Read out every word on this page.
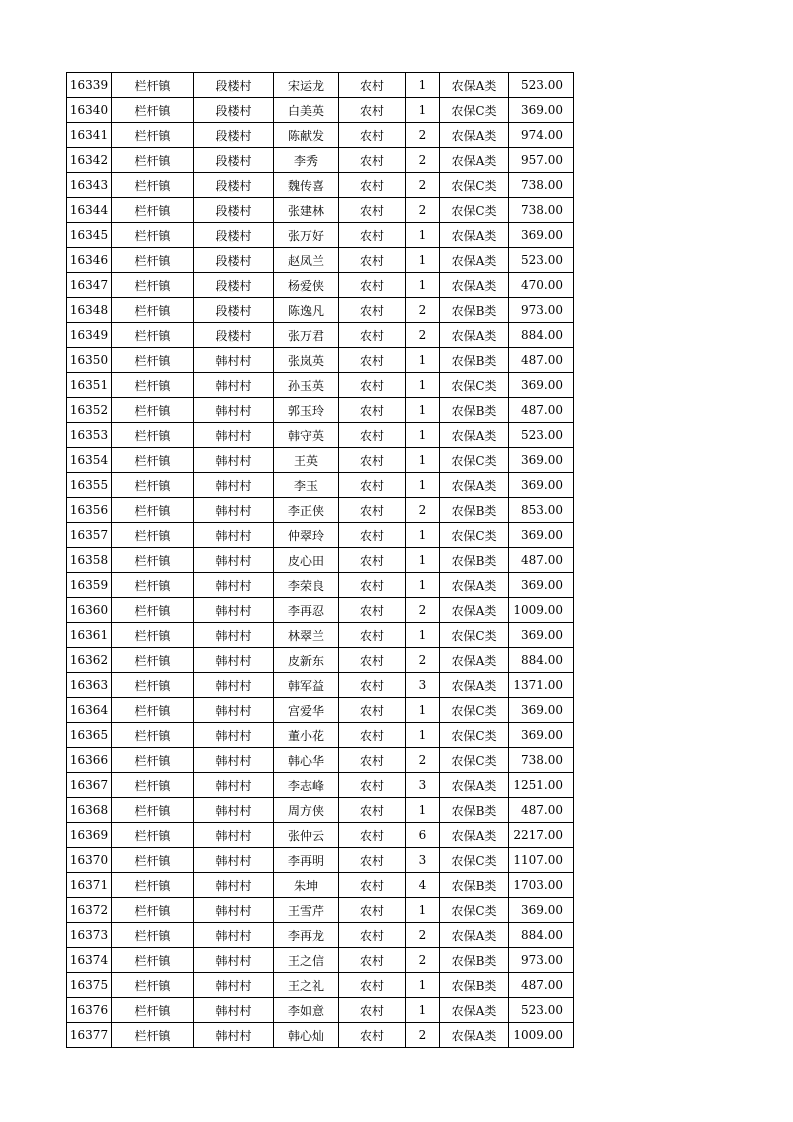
16339	栏杆镇	段楼村	宋运龙	农村	1	农保A类	523.00
16340	栏杆镇	段楼村	白美英	农村	1	农保C类	369.00
16341	栏杆镇	段楼村	陈献发	农村	2	农保A类	974.00
16342	栏杆镇	段楼村	李秀	农村	2	农保A类	957.00
16343	栏杆镇	段楼村	魏传喜	农村	2	农保C类	738.00
16344	栏杆镇	段楼村	张建林	农村	2	农保C类	738.00
16345	栏杆镇	段楼村	张万好	农村	1	农保A类	369.00
16346	栏杆镇	段楼村	赵凤兰	农村	1	农保A类	523.00
16347	栏杆镇	段楼村	杨爱侠	农村	1	农保A类	470.00
16348	栏杆镇	段楼村	陈逸凡	农村	2	农保B类	973.00
16349	栏杆镇	段楼村	张万君	农村	2	农保A类	884.00
16350	栏杆镇	韩村村	张岚英	农村	1	农保B类	487.00
16351	栏杆镇	韩村村	孙玉英	农村	1	农保C类	369.00
16352	栏杆镇	韩村村	郭玉玲	农村	1	农保B类	487.00
16353	栏杆镇	韩村村	韩守英	农村	1	农保A类	523.00
16354	栏杆镇	韩村村	王英	农村	1	农保C类	369.00
16355	栏杆镇	韩村村	李玉	农村	1	农保A类	369.00
16356	栏杆镇	韩村村	李正侠	农村	2	农保B类	853.00
16357	栏杆镇	韩村村	仲翠玲	农村	1	农保C类	369.00
16358	栏杆镇	韩村村	皮心田	农村	1	农保B类	487.00
16359	栏杆镇	韩村村	李荣良	农村	1	农保A类	369.00
16360	栏杆镇	韩村村	李再忍	农村	2	农保A类	1009.00
16361	栏杆镇	韩村村	林翠兰	农村	1	农保C类	369.00
16362	栏杆镇	韩村村	皮新东	农村	2	农保A类	884.00
16363	栏杆镇	韩村村	韩军益	农村	3	农保A类	1371.00
16364	栏杆镇	韩村村	宫爱华	农村	1	农保C类	369.00
16365	栏杆镇	韩村村	董小花	农村	1	农保C类	369.00
16366	栏杆镇	韩村村	韩心华	农村	2	农保C类	738.00
16367	栏杆镇	韩村村	李志峰	农村	3	农保A类	1251.00
16368	栏杆镇	韩村村	周方侠	农村	1	农保B类	487.00
16369	栏杆镇	韩村村	张仲云	农村	6	农保A类	2217.00
16370	栏杆镇	韩村村	李再明	农村	3	农保C类	1107.00
16371	栏杆镇	韩村村	朱坤	农村	4	农保B类	1703.00
16372	栏杆镇	韩村村	王雪芹	农村	1	农保C类	369.00
16373	栏杆镇	韩村村	李再龙	农村	2	农保A类	884.00
16374	栏杆镇	韩村村	王之信	农村	2	农保B类	973.00
16375	栏杆镇	韩村村	王之礼	农村	1	农保B类	487.00
16376	栏杆镇	韩村村	李如意	农村	1	农保A类	523.00
16377	栏杆镇	韩村村	韩心灿	农村	2	农保A类	1009.00
